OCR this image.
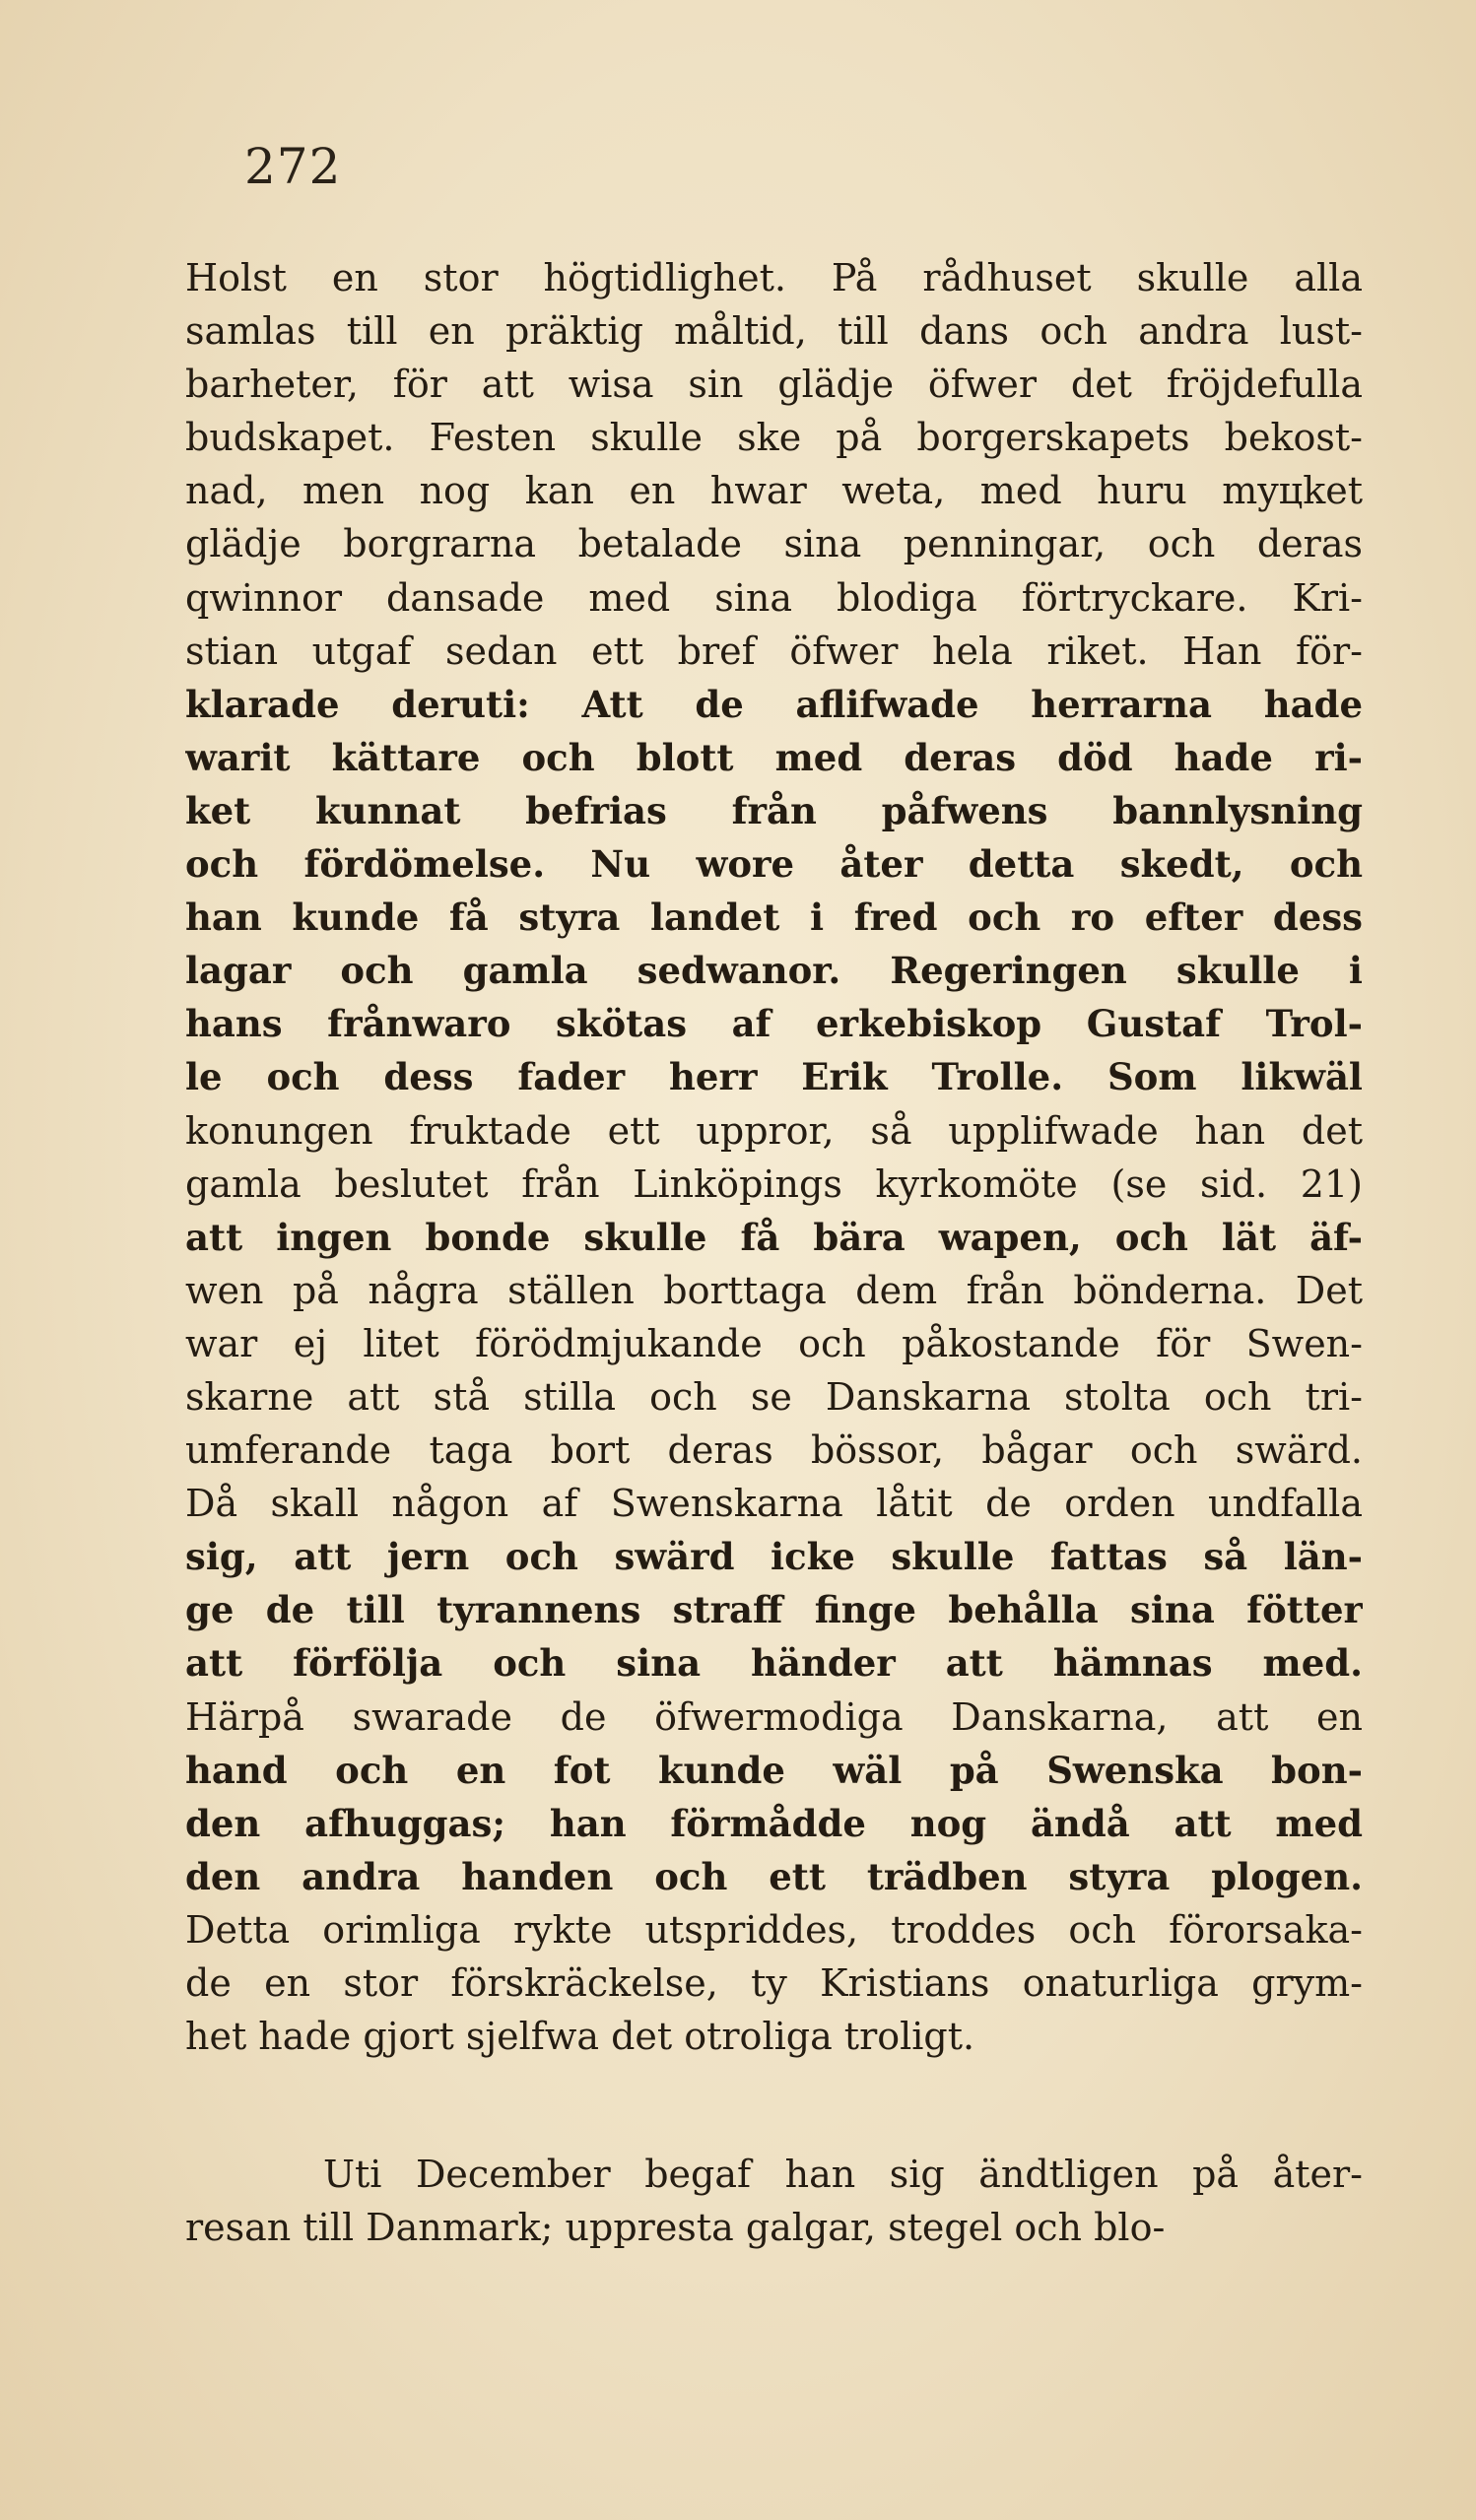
272
Holst en stor högtidlighet. På rådhuset skulle alla
samlas till en präktig måltid, till dans och andra lust-
barheter, för att wisa sin glädje öfwer det fröjdefulla
budskapet. Festen skulle ske på borgerskapets bekost-
nad, men nog kan en hwar weta, med huru myцket
glädje borgrarna betalade sina penningar, och deras
qwinnor dansade med sina blodiga förtryckare. Kri-
stian utgaf sedan ett bref öfwer hela riket. Han för-
klarade deruti: Att de aflifwade herrarna hade
warit kättare och blott med deras död hade ri-
ket kunnat befrias från påfwens bannlysning
och fördömelse. Nu wore åter detta skedt, och
han kunde få styra landet i fred och ro efter dess
lagar och gamla sedwanor. Regeringen skulle i
hans frånwaro skötas af erkebiskop Gustaf Trol-
le och dess fader herr Erik Trolle. Som likwäl
konungen fruktade ett uppror, så upplifwade han det
gamla beslutet från Linköpings kyrkomöte (se sid. 21)
att ingen bonde skulle få bära wapen, och lät äf-
wen på några ställen borttaga dem från bönderna. Det
war ej litet förödmjukande och påkostande för Swen-
skarne att stå stilla och se Danskarna stolta och tri-
umferande taga bort deras bössor, bågar och swärd.
Då skall någon af Swenskarna låtit de orden undfalla
sig, att jern och swärd icke skulle fattas så län-
ge de till tyrannens straff finge behålla sina fötter
att förfölja och sina händer att hämnas med.
Härpå swarade de öfwermodiga Danskarna, att en
hand och en fot kunde wäl på Swenska bon-
den afhuggas; han förmådde nog ändå att med
den andra handen och ett trädben styra plogen.
Detta orimliga rykte utspriddes, troddes och förorsaka-
de en stor förskräckelse, ty Kristians onaturliga grym-
het hade gjort sjelfwa det otroliga troligt.
Uti December begaf han sig ändtligen på åter-
resan till Danmark; uppresta galgar, stegel och blo-
